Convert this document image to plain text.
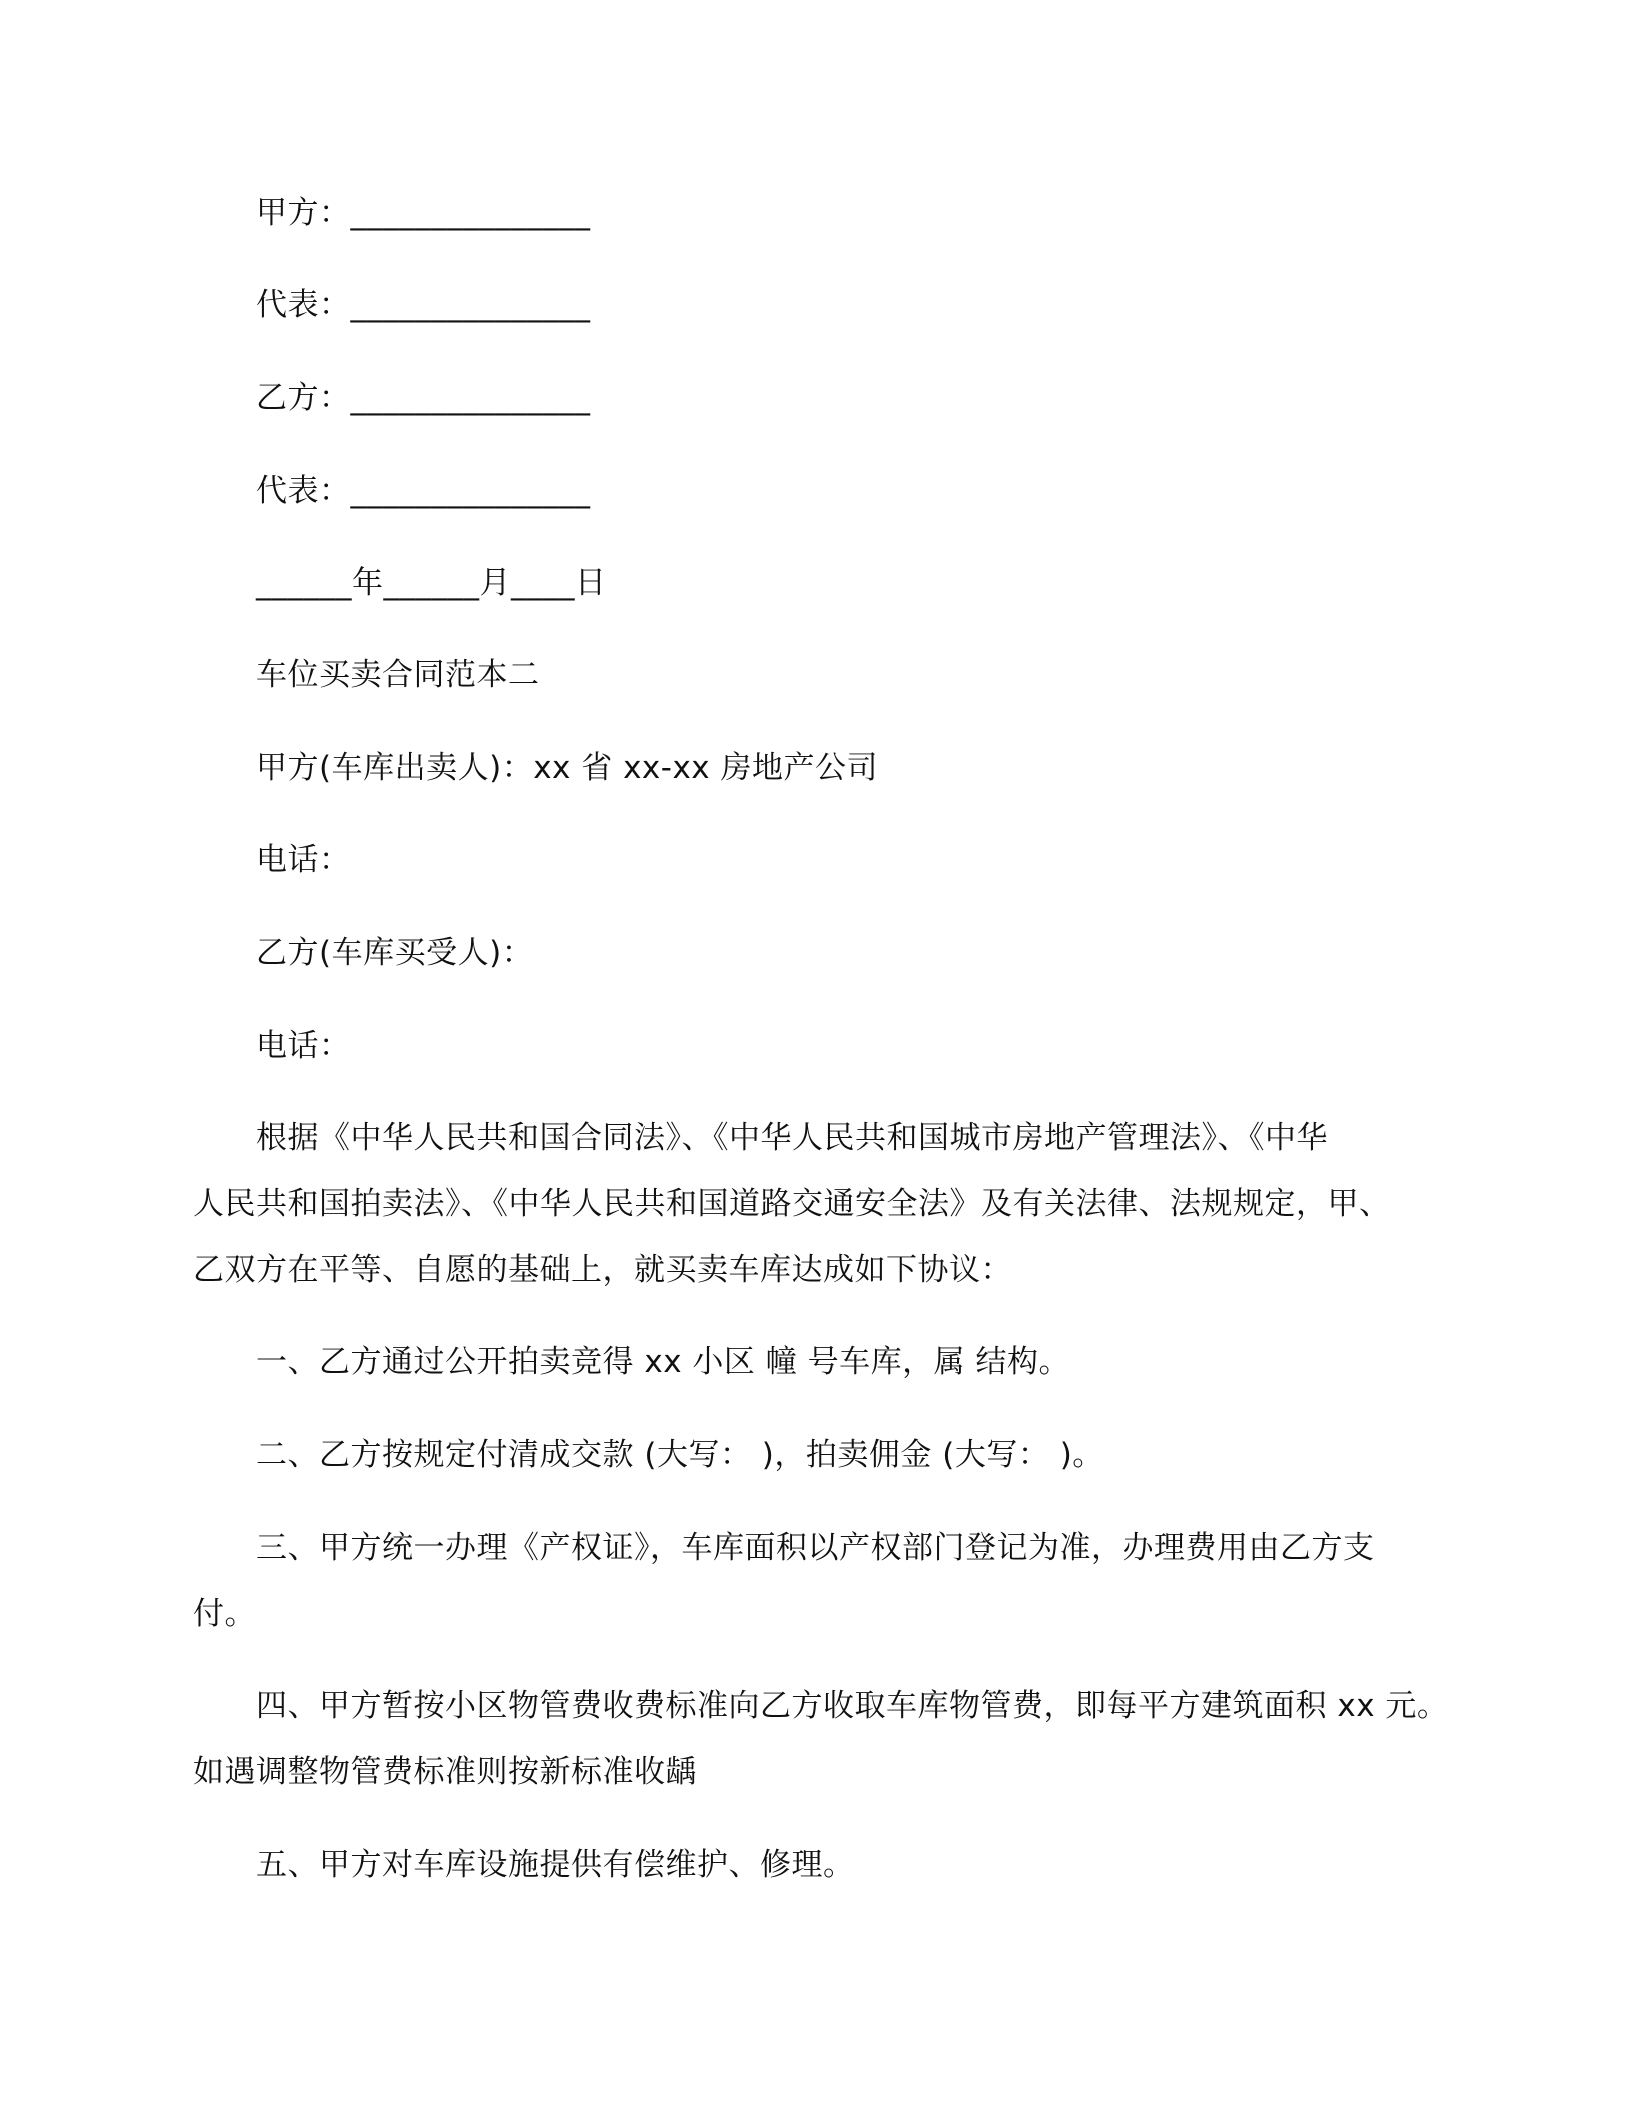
甲方：_______________
代表：_______________
乙方：_______________
代表：_______________
______年______月____日
车位买卖合同范本二
甲方(车库出卖人)：xx 省 xx-xx 房地产公司
电话：
乙方(车库买受人)：
电话：
根据《中华人民共和国合同法》、《中华人民共和国城市房地产管理法》、《中华
人民共和国拍卖法》、《中华人民共和国道路交通安全法》及有关法律、法规规定，甲、
乙双方在平等、自愿的基础上，就买卖车库达成如下协议：
一、乙方通过公开拍卖竞得 xx 小区 幢 号车库，属 结构。
二、乙方按规定付清成交款 (大写： )，拍卖佣金 (大写： )。
三、甲方统一办理《产权证》，车库面积以产权部门登记为准，办理费用由乙方支
付。
四、甲方暂按小区物管费收费标准向乙方收取车库物管费，即每平方建筑面积 xx 元。
如遇调整物管费标准则按新标准收龋
五、甲方对车库设施提供有偿维护、修理。
